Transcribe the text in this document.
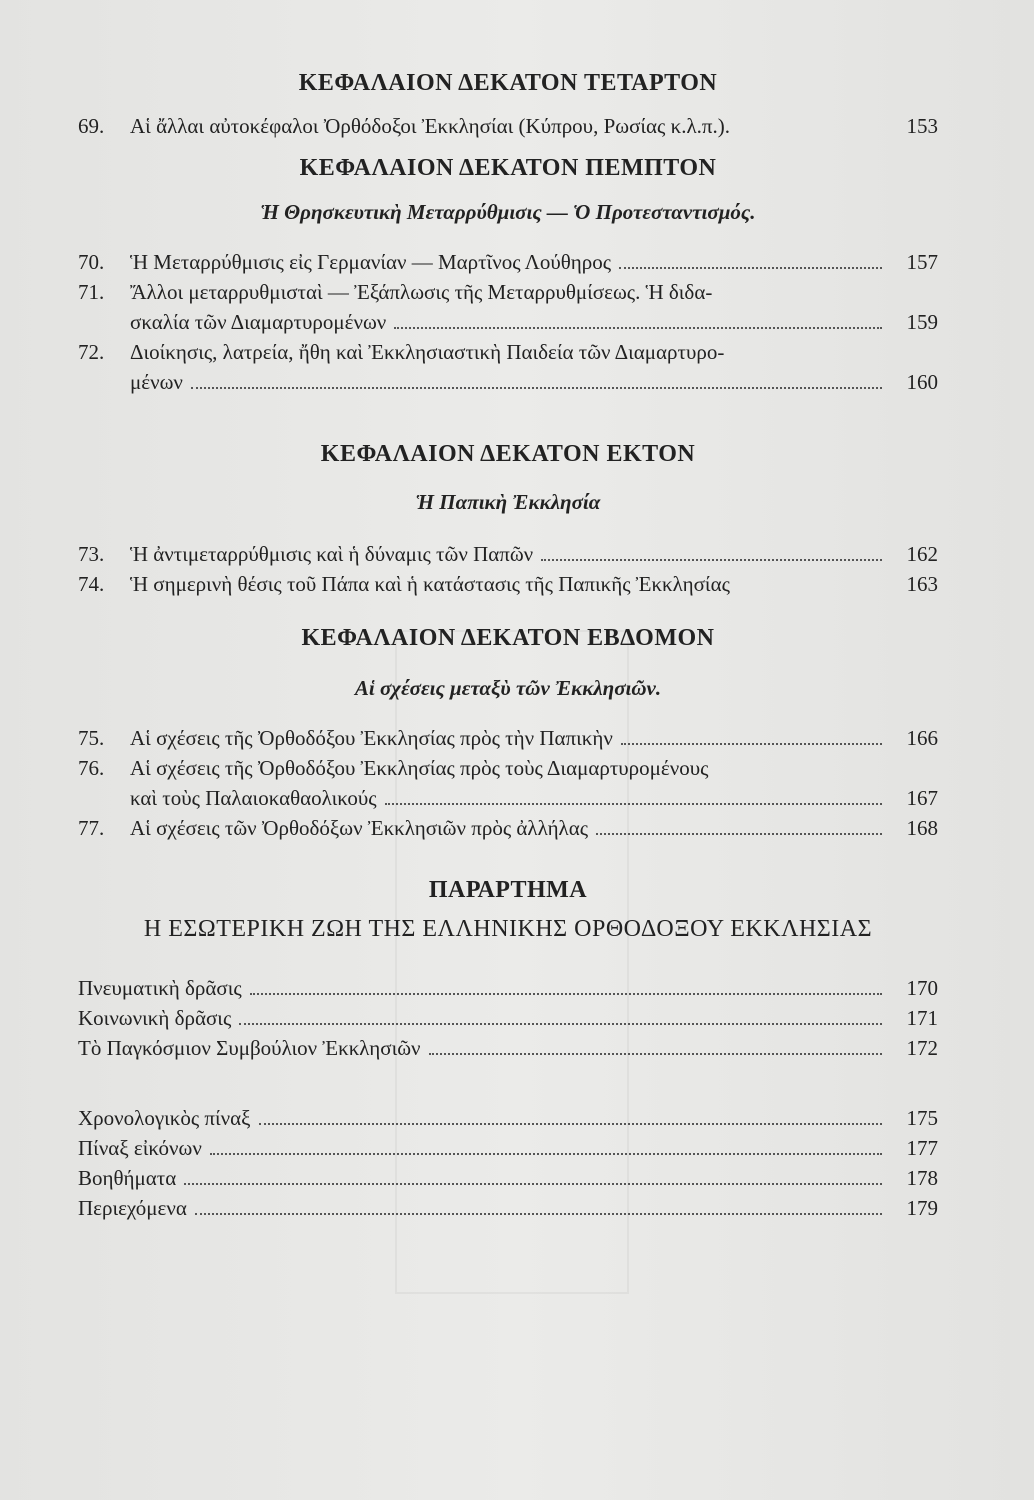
ΚΕΦΑΛΑΙΟΝ ΔΕΚΑΤΟΝ ΤΕΤΑΡΤΟΝ
69.	Αἱ ἄλλαι αὐτοκέφαλοι Ὀρθόδοξοι Ἐκκλησίαι (Κύπρου, Ρωσίας κ.λ.π.).	153
ΚΕΦΑΛΑΙΟΝ ΔΕΚΑΤΟΝ ΠΕΜΠΤΟΝ

Ἡ Θρησκευτικὴ Μεταρρύθμισις — Ὁ Προτεσταντισμός.

70.	Ἡ Μεταρρύθμισις εἰς Γερμανίαν — Μαρτῖνος Λούθηρος	157
71.	Ἄλλοι μεταρρυθμισταὶ — Ἐξάπλωσις τῆς Μεταρρυθμίσεως. Ἡ διδα-
σκαλία τῶν Διαμαρτυρομένων	159
72.	Διοίκησις, λατρεία, ἤθη καὶ Ἐκκλησιαστικὴ Παιδεία τῶν Διαμαρτυρο-
μένων	160
ΚΕΦΑΛΑΙΟΝ ΔΕΚΑΤΟΝ ΕΚΤΟΝ

Ἡ Παπικὴ Ἐκκλησία

73.	Ἡ ἀντιμεταρρύθμισις καὶ ἡ δύναμις τῶν Παπῶν	162
74.	Ἡ σημερινὴ θέσις τοῦ Πάπα καὶ ἡ κατάστασις τῆς Παπικῆς Ἐκκλησίας	163
ΚΕΦΑΛΑΙΟΝ ΔΕΚΑΤΟΝ ΕΒΔΟΜΟΝ

Αἱ σχέσεις μεταξὺ τῶν Ἐκκλησιῶν.

75.	Αἱ σχέσεις τῆς Ὀρθοδόξου Ἐκκλησίας πρὸς τὴν Παπικὴν	166
76.	Αἱ σχέσεις τῆς Ὀρθοδόξου Ἐκκλησίας πρὸς τοὺς Διαμαρτυρομένους
καὶ τοὺς Παλαιοκαθαολικούς	167
77.	Αἱ σχέσεις τῶν Ὀρθοδόξων Ἐκκλησιῶν πρὸς ἀλλήλας	168
ΠΑΡΑΡΤΗΜΑ
Η ΕΣΩΤΕΡΙΚΗ ΖΩΗ ΤΗΣ ΕΛΛΗΝΙΚΗΣ ΟΡΘΟΔΟΞΟΥ ΕΚΚΛΗΣΙΑΣ
Πνευματικὴ δρᾶσις	170
Κοινωνικὴ δρᾶσις	171
Τὸ Παγκόσμιον Συμβούλιον Ἐκκλησιῶν	172
Χρονολογικὸς πίναξ	175
Πίναξ εἰκόνων	177
Βοηθήματα	178
Περιεχόμενα	179
